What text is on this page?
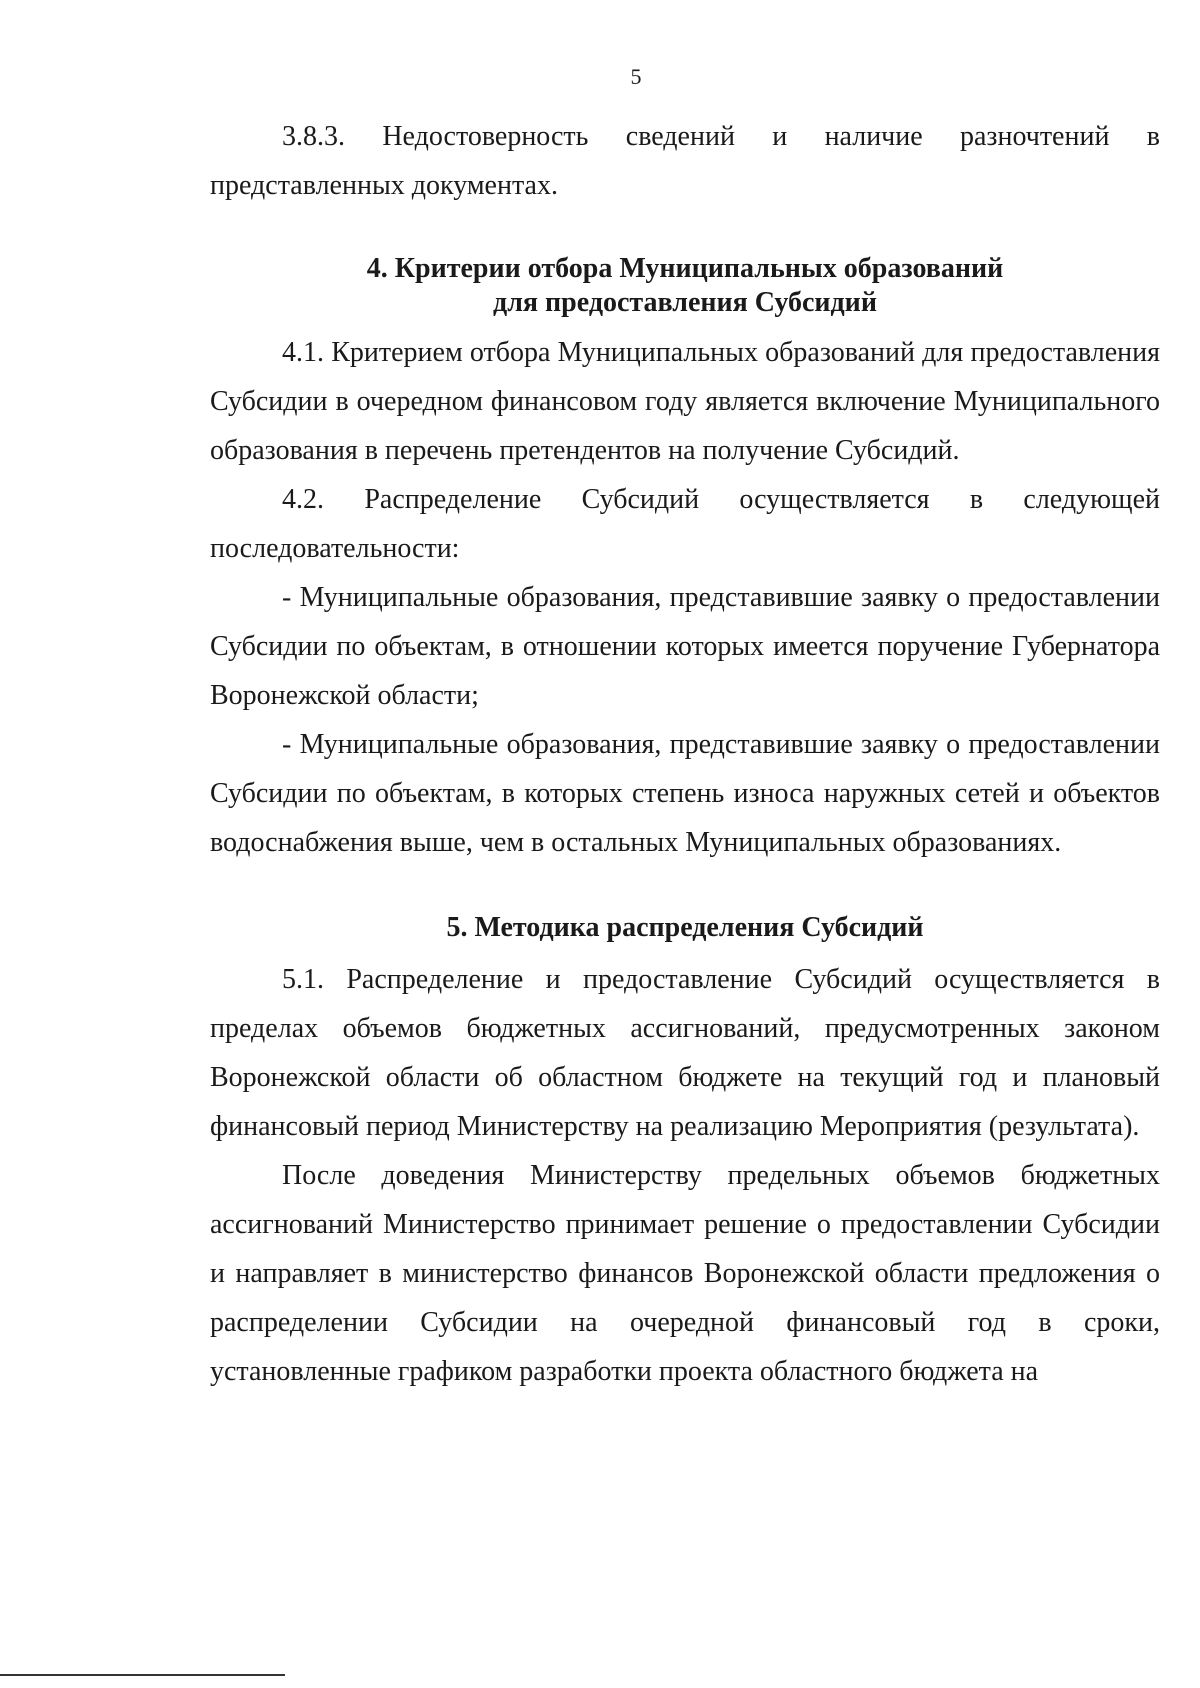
5

3.8.3. Недостоверность сведений и наличие разночтений в представленных документах.

4. Критерии отбора Муниципальных образований
для предоставления Субсидий

4.1. Критерием отбора Муниципальных образований для предоставления Субсидии в очередном финансовом году является включение Муниципального образования в перечень претендентов на получение Субсидий.

4.2. Распределение Субсидий осуществляется в следующей последовательности:

- Муниципальные образования, представившие заявку о предоставлении Субсидии по объектам, в отношении которых имеется поручение Губернатора Воронежской области;

- Муниципальные образования, представившие заявку о предоставлении Субсидии по объектам, в которых степень износа наружных сетей и объектов водоснабжения выше, чем в остальных Муниципальных образованиях.

5. Методика распределения Субсидий

5.1. Распределение и предоставление Субсидий осуществляется в пределах объемов бюджетных ассигнований, предусмотренных законом Воронежской области об областном бюджете на текущий год и плановый финансовый период Министерству на реализацию Мероприятия (результата).

После доведения Министерству предельных объемов бюджетных ассигнований Министерство принимает решение о предоставлении Субсидии и направляет в министерство финансов Воронежской области предложения о распределении Субсидии на очередной финансовый год в сроки, установленные графиком разработки проекта областного бюджета на
